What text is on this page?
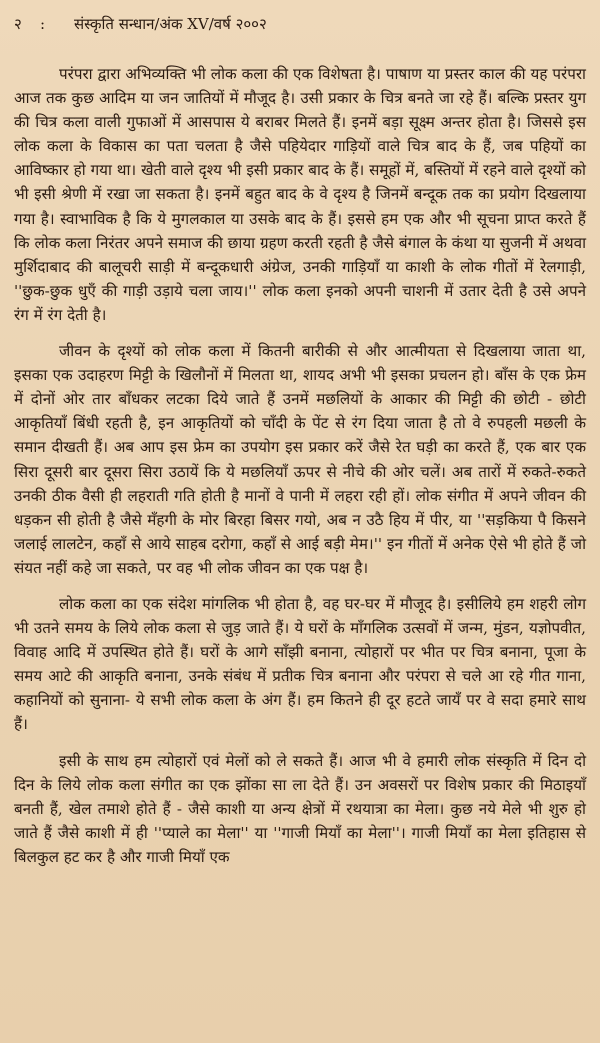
२	:	संस्कृति सन्धान/अंक XV/वर्ष २००२

परंपरा द्वारा अभिव्यक्ति भी लोक कला की एक विशेषता है। पाषाण या प्रस्तर काल की यह परंपरा आज तक कुछ आदिम या जन जातियों में मौजूद है। उसी प्रकार के चित्र बनते जा रहे हैं। बल्कि प्रस्तर युग की चित्र कला वाली गुफाओं में आसपास ये बराबर मिलते हैं। इनमें बड़ा सूक्ष्म अन्तर होता है। जिससे इस लोक कला के विकास का पता चलता है जैसे पहियेदार गाड़ियों वाले चित्र बाद के हैं, जब पहियों का आविष्कार हो गया था। खेती वाले दृश्य भी इसी प्रकार बाद के हैं। समूहों में, बस्तियों में रहने वाले दृश्यों को भी इसी श्रेणी में रखा जा सकता है। इनमें बहुत बाद के वे दृश्य है जिनमें बन्दूक तक का प्रयोग दिखलाया गया है। स्वाभाविक है कि ये मुगलकाल या उसके बाद के हैं। इससे हम एक और भी सूचना प्राप्त करते हैं कि लोक कला निरंतर अपने समाज की छाया ग्रहण करती रहती है जैसे बंगाल के कंथा या सुजनी में अथवा मुर्शिदाबाद की बालूचरी साड़ी में बन्दूकधारी अंग्रेज, उनकी गाड़ियाँ या काशी के लोक गीतों में रेलगाड़ी, ''छुक-छुक धुएँ की गाड़ी उड़ाये चला जाय।'' लोक कला इनको अपनी चाशनी में उतार देती है उसे अपने रंग में रंग देती है।

जीवन के दृश्यों को लोक कला में कितनी बारीकी से और आत्मीयता से दिखलाया जाता था, इसका एक उदाहरण मिट्टी के खिलौनों में मिलता था, शायद अभी भी इसका प्रचलन हो। बाँस के एक फ्रेम में दोनों ओर तार बाँधकर लटका दिये जाते हैं उनमें मछलियों के आकार की मिट्टी की छोटी - छोटी आकृतियाँ बिंधी रहती है, इन आकृतियों को चाँदी के पेंट से रंग दिया जाता है तो वे रुपहली मछली के समान दीखती हैं। अब आप इस फ्रेम का उपयोग इस प्रकार करें जैसे रेत घड़ी का करते हैं, एक बार एक सिरा दूसरी बार दूसरा सिरा उठायें कि ये मछलियाँ ऊपर से नीचे की ओर चलें। अब तारों में रुकते-रुकते उनकी ठीक वैसी ही लहराती गति होती है मानों वे पानी में लहरा रही हों। लोक संगीत में अपने जीवन की धड़कन सी होती है जैसे मँहगी के मोर बिरहा बिसर गयो, अब न उठै हिय में पीर, या ''सड़किया पै किसने जलाई लालटेन, कहाँ से आये साहब दरोगा, कहाँ से आई बड़ी मेम।'' इन गीतों में अनेक ऐसे भी होते हैं जो संयत नहीं कहे जा सकते, पर वह भी लोक जीवन का एक पक्ष है।

लोक कला का एक संदेश मांगलिक भी होता है, वह घर-घर में मौजूद है। इसीलिये हम शहरी लोग भी उतने समय के लिये लोक कला से जुड़ जाते हैं। ये घरों के माँगलिक उत्सवों में जन्म, मुंडन, यज्ञोपवीत, विवाह आदि में उपस्थित होते हैं। घरों के आगे साँझी बनाना, त्योहारों पर भीत पर चित्र बनाना, पूजा के समय आटे की आकृति बनाना, उनके संबंध में प्रतीक चित्र बनाना और परंपरा से चले आ रहे गीत गाना, कहानियों को सुनाना- ये सभी लोक कला के अंग हैं। हम कितने ही दूर हटते जायँ पर वे सदा हमारे साथ हैं।

इसी के साथ हम त्योहारों एवं मेलों को ले सकते हैं। आज भी वे हमारी लोक संस्कृति में दिन दो दिन के लिये लोक कला संगीत का एक झोंका सा ला देते हैं। उन अवसरों पर विशेष प्रकार की मिठाइयाँ बनती हैं, खेल तमाशे होते हैं - जैसे काशी या अन्य क्षेत्रों में रथयात्रा का मेला। कुछ नये मेले भी शुरु हो जाते हैं जैसे काशी में ही ''प्याले का मेला'' या ''गाजी मियाँ का मेला''। गाजी मियाँ का मेला इतिहास से बिलकुल हट कर है और गाजी मियाँ एक
